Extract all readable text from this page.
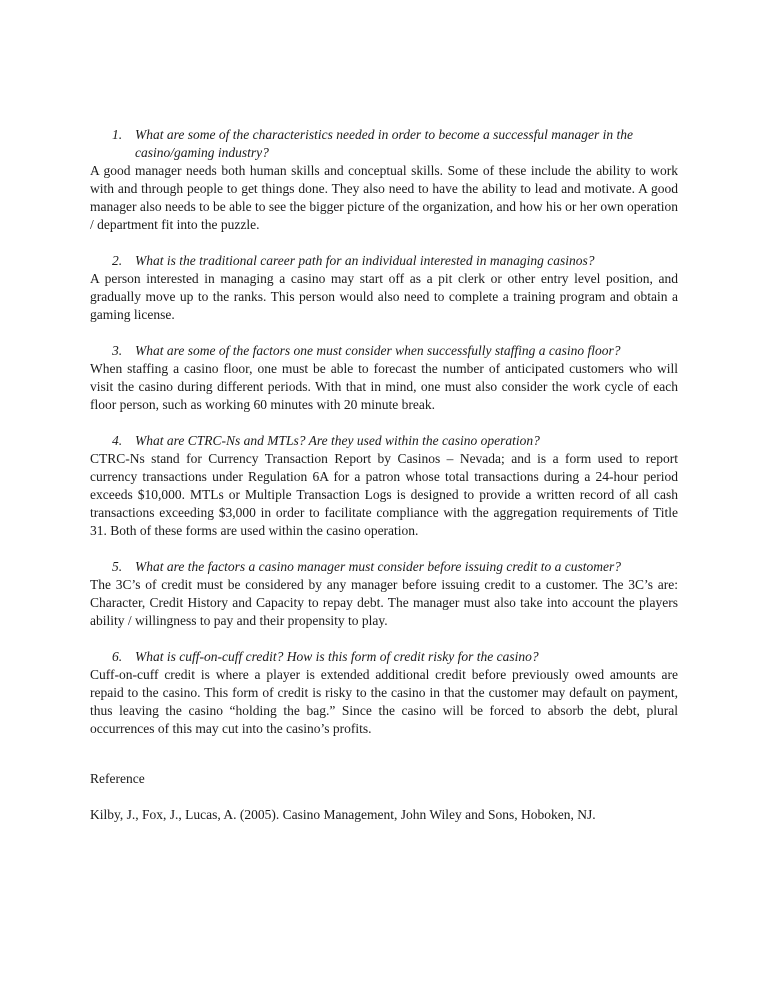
1. What are some of the characteristics needed in order to become a successful manager in the casino/gaming industry?

A good manager needs both human skills and conceptual skills. Some of these include the ability to work with and through people to get things done. They also need to have the ability to lead and motivate. A good manager also needs to be able to see the bigger picture of the organization, and how his or her own operation / department fit into the puzzle.

2. What is the traditional career path for an individual interested in managing casinos?

A person interested in managing a casino may start off as a pit clerk or other entry level position, and gradually move up to the ranks. This person would also need to complete a training program and obtain a gaming license.

3. What are some of the factors one must consider when successfully staffing a casino floor?

When staffing a casino floor, one must be able to forecast the number of anticipated customers who will visit the casino during different periods. With that in mind, one must also consider the work cycle of each floor person, such as working 60 minutes with 20 minute break.

4. What are CTRC-Ns and MTLs? Are they used within the casino operation?

CTRC-Ns stand for Currency Transaction Report by Casinos – Nevada; and is a form used to report currency transactions under Regulation 6A for a patron whose total transactions during a 24-hour period exceeds $10,000. MTLs or Multiple Transaction Logs is designed to provide a written record of all cash transactions exceeding $3,000 in order to facilitate compliance with the aggregation requirements of Title 31. Both of these forms are used within the casino operation.

5. What are the factors a casino manager must consider before issuing credit to a customer?

The 3C’s of credit must be considered by any manager before issuing credit to a customer. The 3C’s are: Character, Credit History and Capacity to repay debt. The manager must also take into account the players ability / willingness to pay and their propensity to play.

6. What is cuff-on-cuff credit? How is this form of credit risky for the casino?

Cuff-on-cuff credit is where a player is extended additional credit before previously owed amounts are repaid to the casino. This form of credit is risky to the casino in that the customer may default on payment, thus leaving the casino “holding the bag.” Since the casino will be forced to absorb the debt, plural occurrences of this may cut into the casino’s profits.

Reference

Kilby, J., Fox, J., Lucas, A. (2005). Casino Management, John Wiley and Sons, Hoboken, NJ.
